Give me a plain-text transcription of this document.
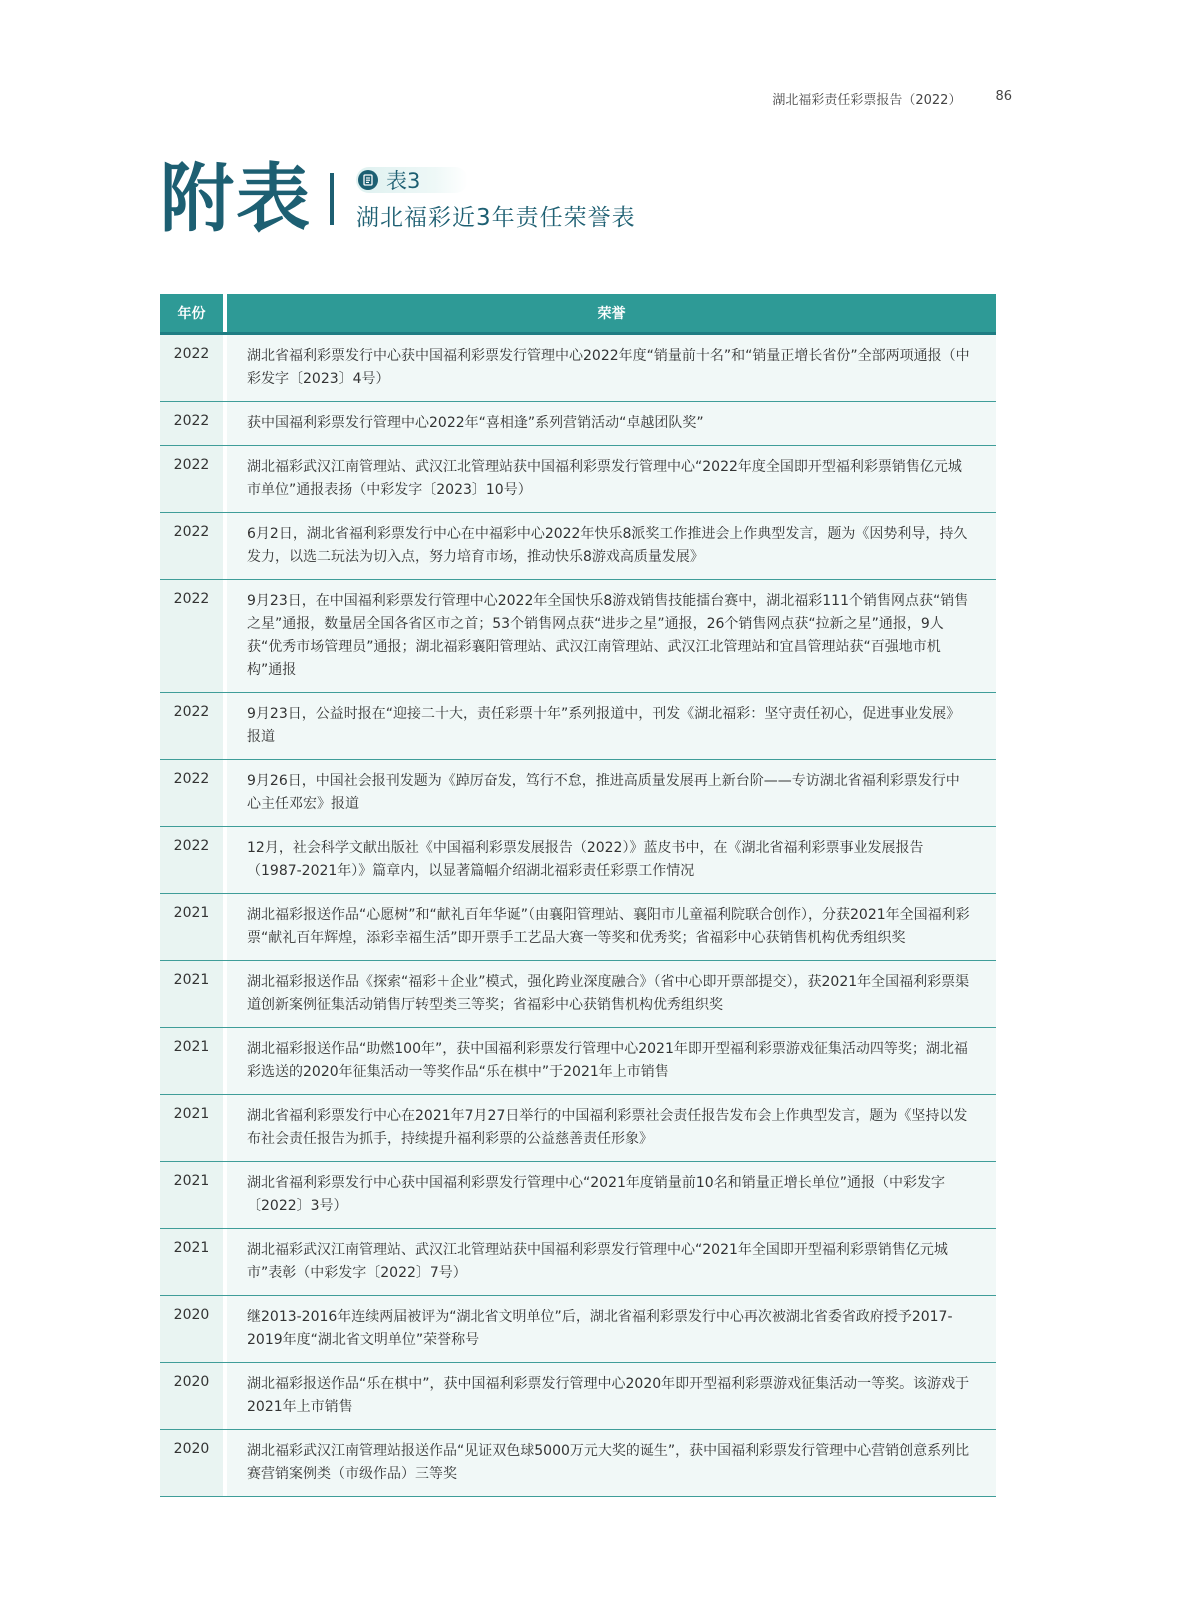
湖北福彩责任彩票报告（2022）	86
附表	表3
湖北福彩近3年责任荣誉表
年份	荣誉
2022	湖北省福利彩票发行中心获中国福利彩票发行管理中心2022年度“销量前十名”和“销量正增长省份”全部两项通报（中彩发字〔2023〕4号）
2022	获中国福利彩票发行管理中心2022年“喜相逢”系列营销活动“卓越团队奖”
2022	湖北福彩武汉江南管理站、武汉江北管理站获中国福利彩票发行管理中心“2022年度全国即开型福利彩票销售亿元城市单位”通报表扬（中彩发字〔2023〕10号）
2022	6月2日，湖北省福利彩票发行中心在中福彩中心2022年快乐8派奖工作推进会上作典型发言，题为《因势利导，持久发力，以选二玩法为切入点，努力培育市场，推动快乐8游戏高质量发展》
2022	9月23日，在中国福利彩票发行管理中心2022年全国快乐8游戏销售技能擂台赛中，湖北福彩111个销售网点获“销售之星”通报，数量居全国各省区市之首；53个销售网点获“进步之星”通报，26个销售网点获“拉新之星”通报，9人获“优秀市场管理员”通报；湖北福彩襄阳管理站、武汉江南管理站、武汉江北管理站和宜昌管理站获“百强地市机构”通报
2022	9月23日，公益时报在“迎接二十大，责任彩票十年”系列报道中，刊发《湖北福彩：坚守责任初心，促进事业发展》报道
2022	9月26日，中国社会报刊发题为《踔厉奋发，笃行不怠，推进高质量发展再上新台阶——专访湖北省福利彩票发行中心主任邓宏》报道
2022	12月，社会科学文献出版社《中国福利彩票发展报告（2022）》蓝皮书中，在《湖北省福利彩票事业发展报告（1987-2021年）》篇章内，以显著篇幅介绍湖北福彩责任彩票工作情况
2021	湖北福彩报送作品“心愿树”和“献礼百年华诞”（由襄阳管理站、襄阳市儿童福利院联合创作），分获2021年全国福利彩票“献礼百年辉煌，添彩幸福生活”即开票手工艺品大赛一等奖和优秀奖；省福彩中心获销售机构优秀组织奖
2021	湖北福彩报送作品《探索“福彩＋企业”模式，强化跨业深度融合》（省中心即开票部提交），获2021年全国福利彩票渠道创新案例征集活动销售厅转型类三等奖；省福彩中心获销售机构优秀组织奖
2021	湖北福彩报送作品“助燃100年”，获中国福利彩票发行管理中心2021年即开型福利彩票游戏征集活动四等奖；湖北福彩选送的2020年征集活动一等奖作品“乐在棋中”于2021年上市销售
2021	湖北省福利彩票发行中心在2021年7月27日举行的中国福利彩票社会责任报告发布会上作典型发言，题为《坚持以发布社会责任报告为抓手，持续提升福利彩票的公益慈善责任形象》
2021	湖北省福利彩票发行中心获中国福利彩票发行管理中心“2021年度销量前10名和销量正增长单位”通报（中彩发字〔2022〕3号）
2021	湖北福彩武汉江南管理站、武汉江北管理站获中国福利彩票发行管理中心“2021年全国即开型福利彩票销售亿元城市”表彰（中彩发字〔2022〕7号）
2020	继2013-2016年连续两届被评为“湖北省文明单位”后，湖北省福利彩票发行中心再次被湖北省委省政府授予2017-2019年度“湖北省文明单位”荣誉称号
2020	湖北福彩报送作品“乐在棋中”，获中国福利彩票发行管理中心2020年即开型福利彩票游戏征集活动一等奖。该游戏于2021年上市销售
2020	湖北福彩武汉江南管理站报送作品“见证双色球5000万元大奖的诞生”，获中国福利彩票发行管理中心营销创意系列比赛营销案例类（市级作品）三等奖
